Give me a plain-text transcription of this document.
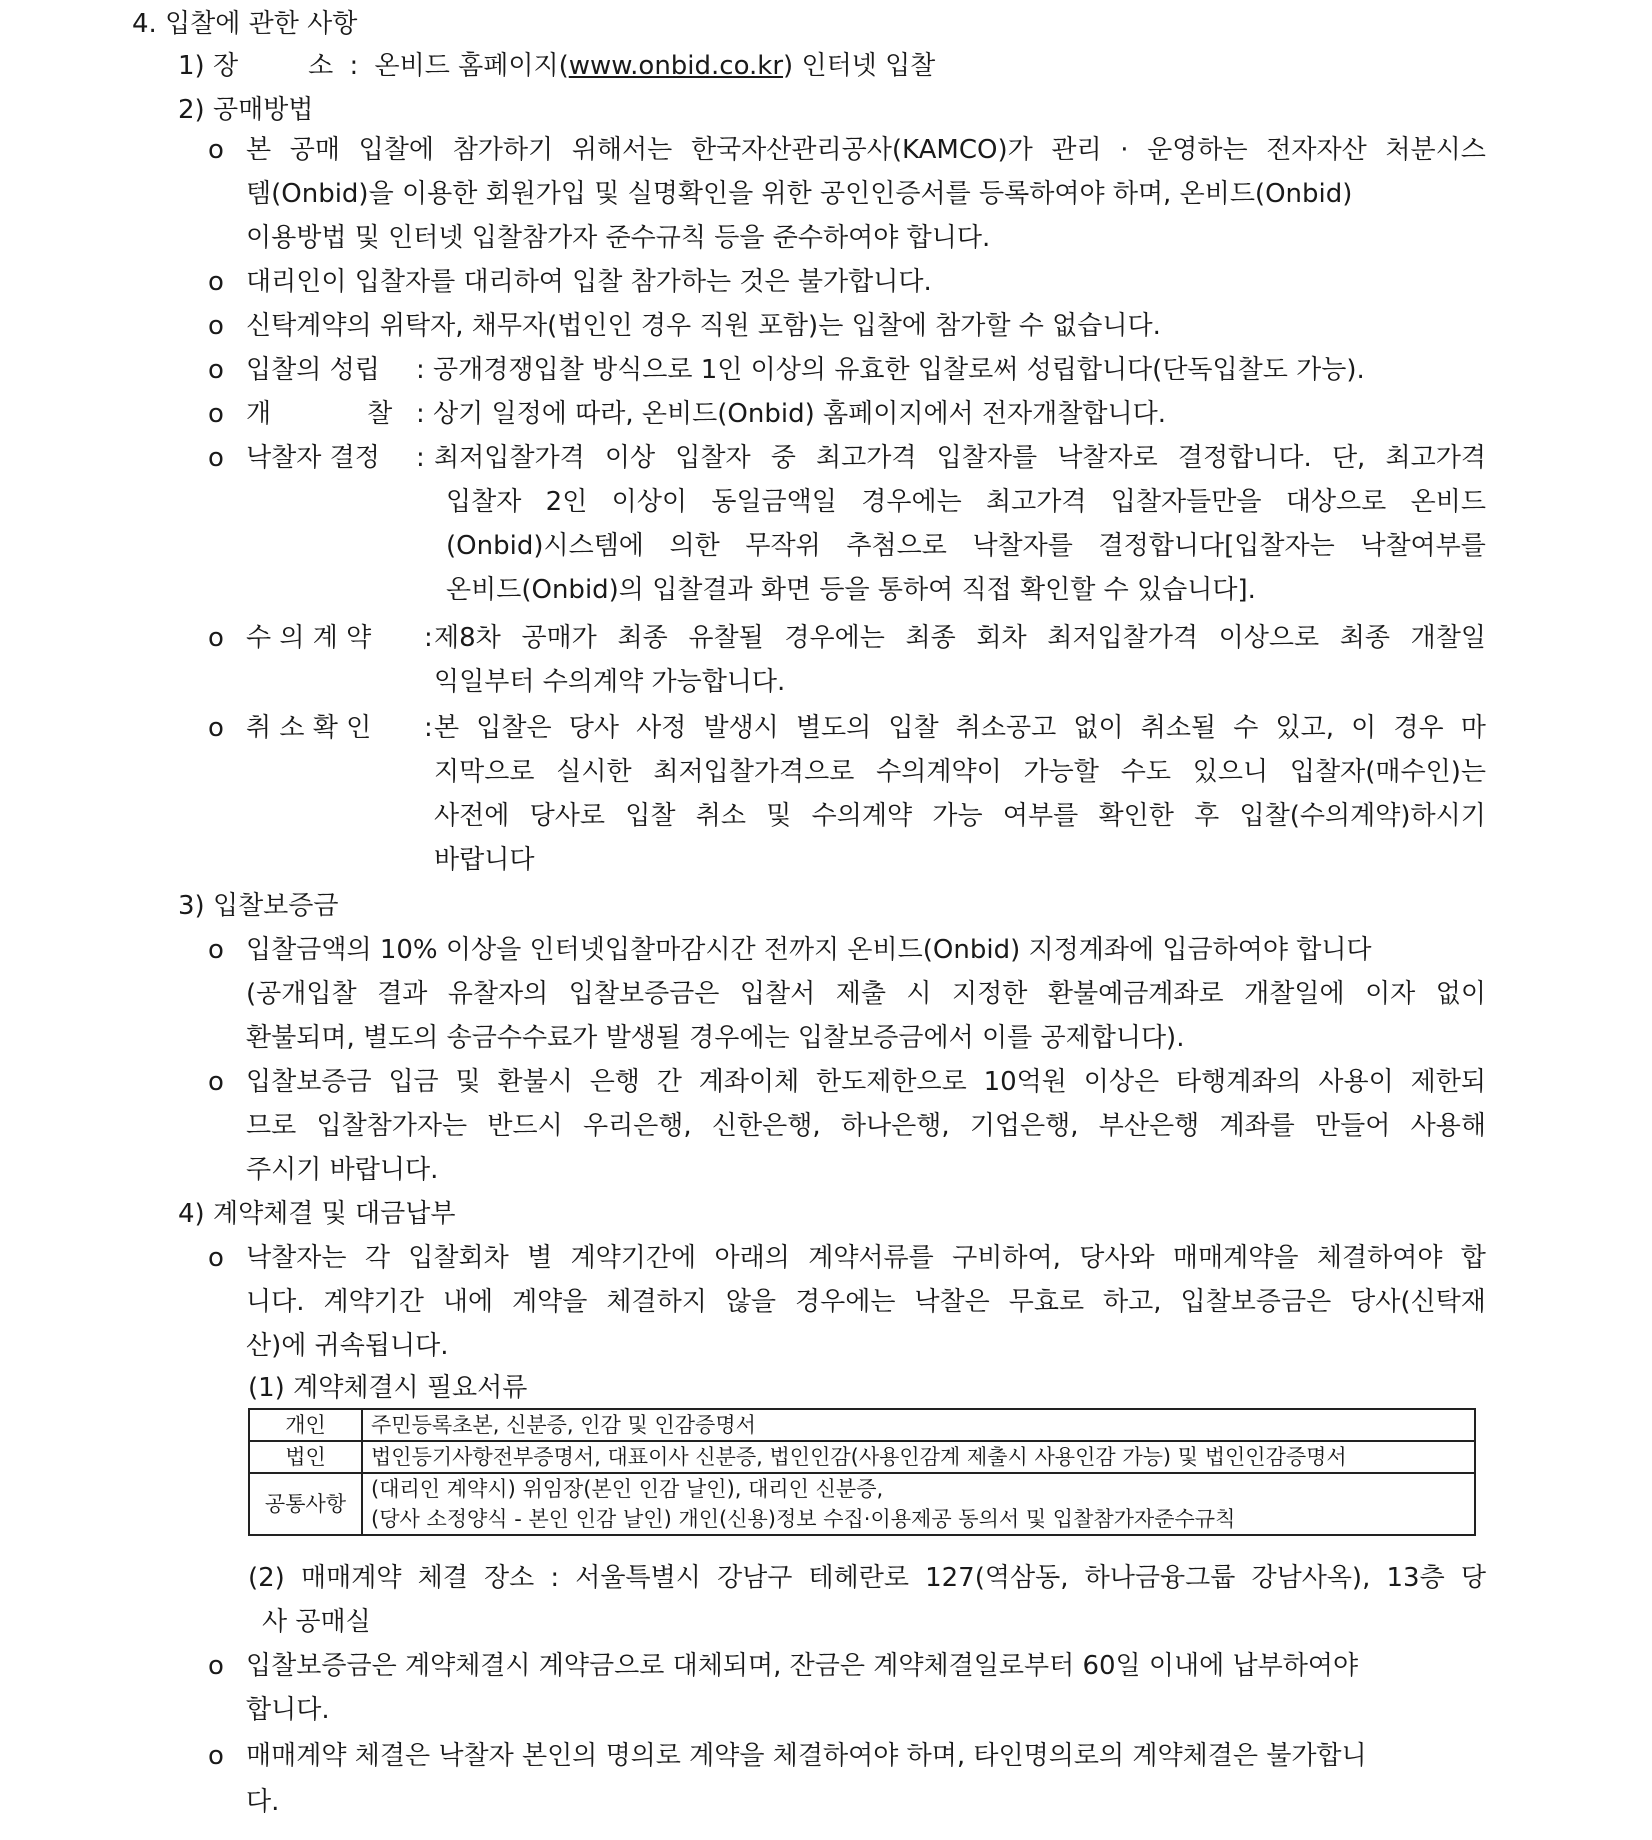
4. 입찰에 관한 사항
1) 장	소 : 온비드 홈페이지(www.onbid.co.kr) 인터넷 입찰
2) 공매방법
o 본 공매 입찰에 참가하기 위해서는 한국자산관리공사(KAMCO)가 관리 · 운영하는 전자자산 처분시스
템(Onbid)을 이용한 회원가입 및 실명확인을 위한 공인인증서를 등록하여야 하며, 온비드(Onbid)
이용방법 및 인터넷 입찰참가자 준수규칙 등을 준수하여야 합니다.
o 대리인이 입찰자를 대리하여 입찰 참가하는 것은 불가합니다.
o 신탁계약의 위탁자, 채무자(법인인 경우 직원 포함)는 입찰에 참가할 수 없습니다.
o 입찰의 성립 : 공개경쟁입찰 방식으로 1인 이상의 유효한 입찰로써 성립합니다(단독입찰도 가능).
o 개	찰 : 상기 일정에 따라, 온비드(Onbid) 홈페이지에서 전자개찰합니다.
o 낙찰자 결정 : 최저입찰가격 이상 입찰자 중 최고가격 입찰자를 낙찰자로 결정합니다. 단, 최고가격
입찰자 2인 이상이 동일금액일 경우에는 최고가격 입찰자들만을 대상으로 온비드
(Onbid)시스템에 의한 무작위 추첨으로 낙찰자를 결정합니다[입찰자는 낙찰여부를
온비드(Onbid)의 입찰결과 화면 등을 통하여 직접 확인할 수 있습니다].
o 수 의 계 약 : 제8차 공매가 최종 유찰될 경우에는 최종 회차 최저입찰가격 이상으로 최종 개찰일
익일부터 수의계약 가능합니다.
o 취 소 확 인 : 본 입찰은 당사 사정 발생시 별도의 입찰 취소공고 없이 취소될 수 있고, 이 경우 마
지막으로 실시한 최저입찰가격으로 수의계약이 가능할 수도 있으니 입찰자(매수인)는
사전에 당사로 입찰 취소 및 수의계약 가능 여부를 확인한 후 입찰(수의계약)하시기
바랍니다
3) 입찰보증금
o 입찰금액의 10% 이상을 인터넷입찰마감시간 전까지 온비드(Onbid) 지정계좌에 입금하여야 합니다
(공개입찰 결과 유찰자의 입찰보증금은 입찰서 제출 시 지정한 환불예금계좌로 개찰일에 이자 없이
환불되며, 별도의 송금수수료가 발생될 경우에는 입찰보증금에서 이를 공제합니다).
o 입찰보증금 입금 및 환불시 은행 간 계좌이체 한도제한으로 10억원 이상은 타행계좌의 사용이 제한되
므로 입찰참가자는 반드시 우리은행, 신한은행, 하나은행, 기업은행, 부산은행 계좌를 만들어 사용해
주시기 바랍니다.
4) 계약체결 및 대금납부
o 낙찰자는 각 입찰회차 별 계약기간에 아래의 계약서류를 구비하여, 당사와 매매계약을 체결하여야 합
니다. 계약기간 내에 계약을 체결하지 않을 경우에는 낙찰은 무효로 하고, 입찰보증금은 당사(신탁재
산)에 귀속됩니다.
(1) 계약체결시 필요서류
개인	주민등록초본, 신분증, 인감 및 인감증명서
법인	법인등기사항전부증명서, 대표이사 신분증, 법인인감(사용인감계 제출시 사용인감 가능) 및 법인인감증명서
공통사항	(대리인 계약시) 위임장(본인 인감 날인), 대리인 신분증,
(당사 소정양식 - 본인 인감 날인) 개인(신용)정보 수집·이용제공 동의서 및 입찰참가자준수규칙
(2) 매매계약 체결 장소 : 서울특별시 강남구 테헤란로 127(역삼동, 하나금융그룹 강남사옥), 13층 당
사 공매실
o 입찰보증금은 계약체결시 계약금으로 대체되며, 잔금은 계약체결일로부터 60일 이내에 납부하여야
합니다.
o 매매계약 체결은 낙찰자 본인의 명의로 계약을 체결하여야 하며, 타인명의로의 계약체결은 불가합니
다.
